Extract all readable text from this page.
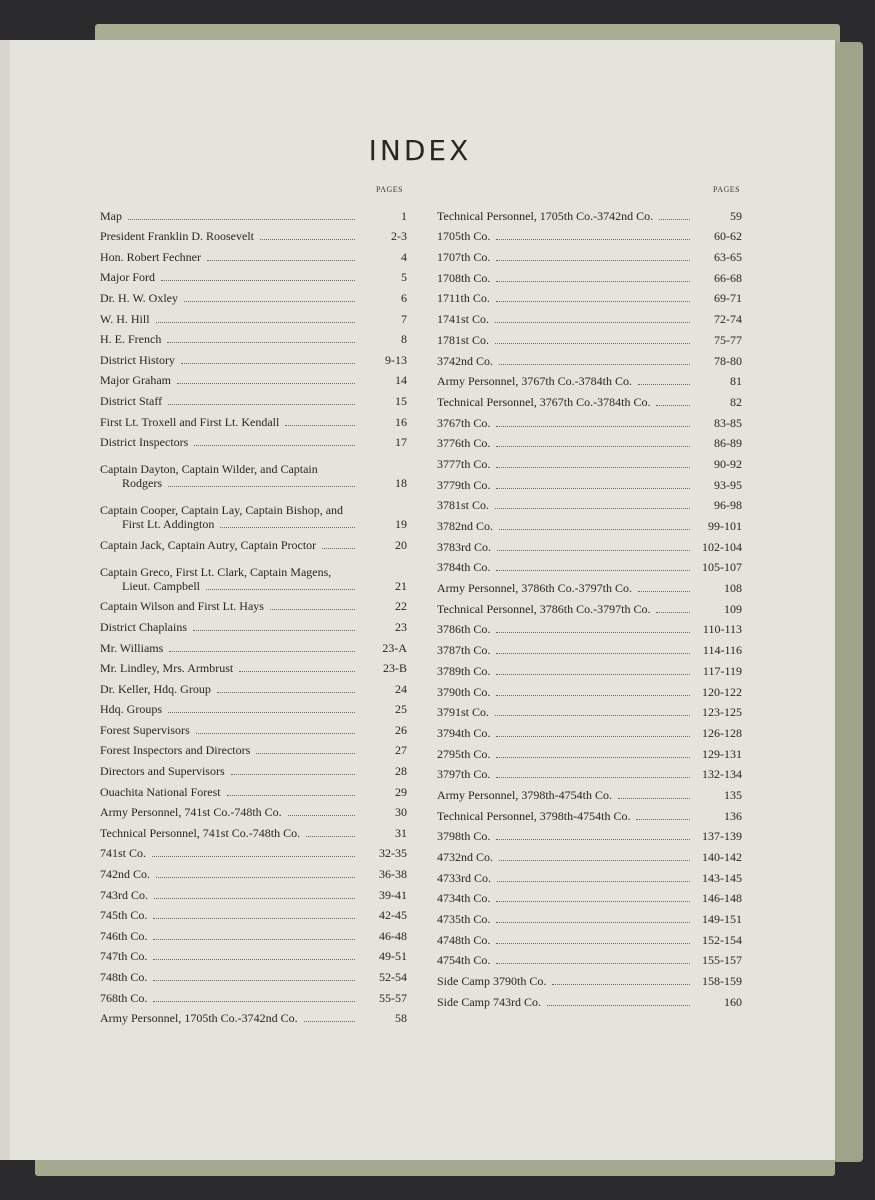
INDEX
PAGES	PAGES
Map	1
President Franklin D. Roosevelt	2-3
Hon. Robert Fechner	4
Major Ford	5
Dr. H. W. Oxley	6
W. H. Hill	7
H. E. French	8
District History	9-13
Major Graham	14
District Staff	15
First Lt. Troxell and First Lt. Kendall	16
District Inspectors	17
Captain Dayton, Captain Wilder, and Captain
Rodgers	18
Captain Cooper, Captain Lay, Captain Bishop, and
First Lt. Addington	19
Captain Jack, Captain Autry, Captain Proctor	20
Captain Greco, First Lt. Clark, Captain Magens,
Lieut. Campbell	21
Captain Wilson and First Lt. Hays	22
District Chaplains	23
Mr. Williams	23-A
Mr. Lindley, Mrs. Armbrust	23-B
Dr. Keller, Hdq. Group	24
Hdq. Groups	25
Forest Supervisors	26
Forest Inspectors and Directors	27
Directors and Supervisors	28
Ouachita National Forest	29
Army Personnel, 741st Co.-748th Co.	30
Technical Personnel, 741st Co.-748th Co.	31
741st Co.	32-35
742nd Co.	36-38
743rd Co.	39-41
745th Co.	42-45
746th Co.	46-48
747th Co.	49-51
748th Co.	52-54
768th Co.	55-57
Army Personnel, 1705th Co.-3742nd Co.	58
Technical Personnel, 1705th Co.-3742nd Co.	59
1705th Co.	60-62
1707th Co.	63-65
1708th Co.	66-68
1711th Co.	69-71
1741st Co.	72-74
1781st Co.	75-77
3742nd Co.	78-80
Army Personnel, 3767th Co.-3784th Co.	81
Technical Personnel, 3767th Co.-3784th Co.	82
3767th Co.	83-85
3776th Co.	86-89
3777th Co.	90-92
3779th Co.	93-95
3781st Co.	96-98
3782nd Co.	99-101
3783rd Co.	102-104
3784th Co.	105-107
Army Personnel, 3786th Co.-3797th Co.	108
Technical Personnel, 3786th Co.-3797th Co.	109
3786th Co.	110-113
3787th Co.	114-116
3789th Co.	117-119
3790th Co.	120-122
3791st Co.	123-125
3794th Co.	126-128
2795th Co.	129-131
3797th Co.	132-134
Army Personnel, 3798th-4754th Co.	135
Technical Personnel, 3798th-4754th Co.	136
3798th Co.	137-139
4732nd Co.	140-142
4733rd Co.	143-145
4734th Co.	146-148
4735th Co.	149-151
4748th Co.	152-154
4754th Co.	155-157
Side Camp 3790th Co.	158-159
Side Camp 743rd Co.	160
